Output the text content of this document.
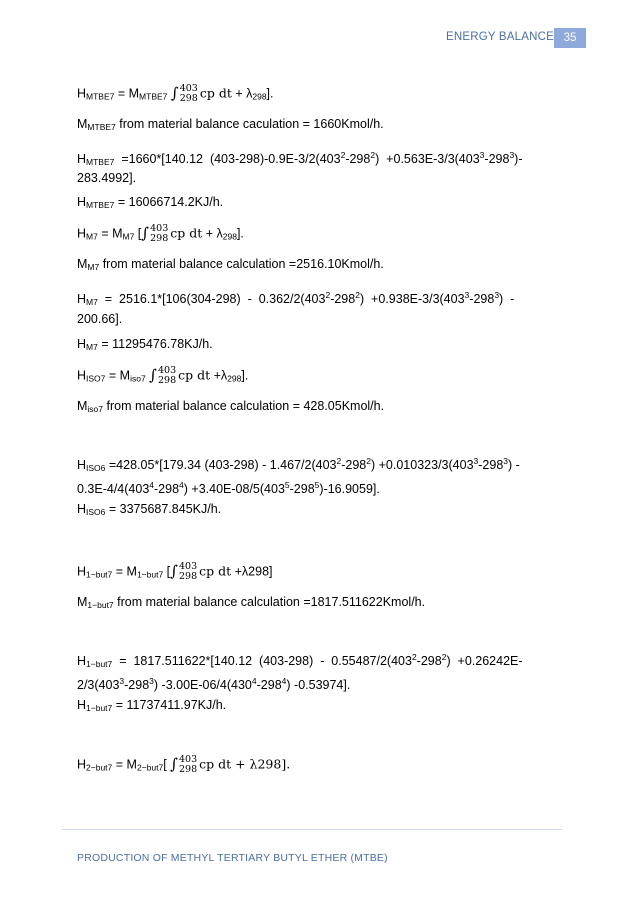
ENERGY BALANCE 35
$H_{MTBE7} = M_{MTBE7}$ ∫ 403
298 cp dt + $\lambda_{298}$].
$M_{MTBE7}$ from material balance caculation = 1660Kmol/h.
$H_{MTBE7} =1660*[140.12$  $(403-298)-0.9E-3/2(403^2-298^2) +0.563E-3/3(403^3-298^3)-$
283.4992].
$H_{MTBE7} = 16066714.2KJ/h$.
$H_{M7} = M_{M7}$ [∫ 403
298 cp dt + $\lambda_{298}$].
$M_{M7}$ from material balance calculation =2516.10Kmol/h.
$H_{M7} = 2516.1*[106(304-298) - 0.362/2(403^2-298^2) +0.938E-3/3(403^3-298^3)$  -
200.66].
$H_{M7} = 11295476.78KJ/h$.
$H_{ISO7} = M_{iso7}$ ∫ 403
298 cp dt $+\lambda_{298}$].
$M_{iso7}$ from material balance calculation = 428.05Kmol/h.
$H_{ISO6} =428.05*[179.34$ $(403-298) - 1.467/2(403^2-298^2) +0.010323/3(403^3-298^3)$ -
$0.3E-4/4(403^4-298^4) +3.40E-08/5(403^5-298^5)-16.9059$].
$H_{ISO6} = 3375687.845KJ/h$.
$H_{1-but7} = M_{1-but7}$ [∫ 403
298 cp dt +λ298]
$M_{1-but7}$ from material balance calculation =1817.511622Kmol/h.
$H_{1-but7} = 1817.511622*[140.12$  $(403-298) - 0.55487/2(403^2-298^2) +0.26242E-$
$2/3(403^3-298^3)$ $-3.00E-06/4(430^4-298^4)$ -0.53974].
$H_{1-but7} = 11737411.97KJ/h$.
$H_{2-but7} = M_{2-but7}$[ ∫ 403
298 cp dt + λ298].
PRODUCTION OF METHYL TERTIARY BUTYL ETHER (MTBE)
